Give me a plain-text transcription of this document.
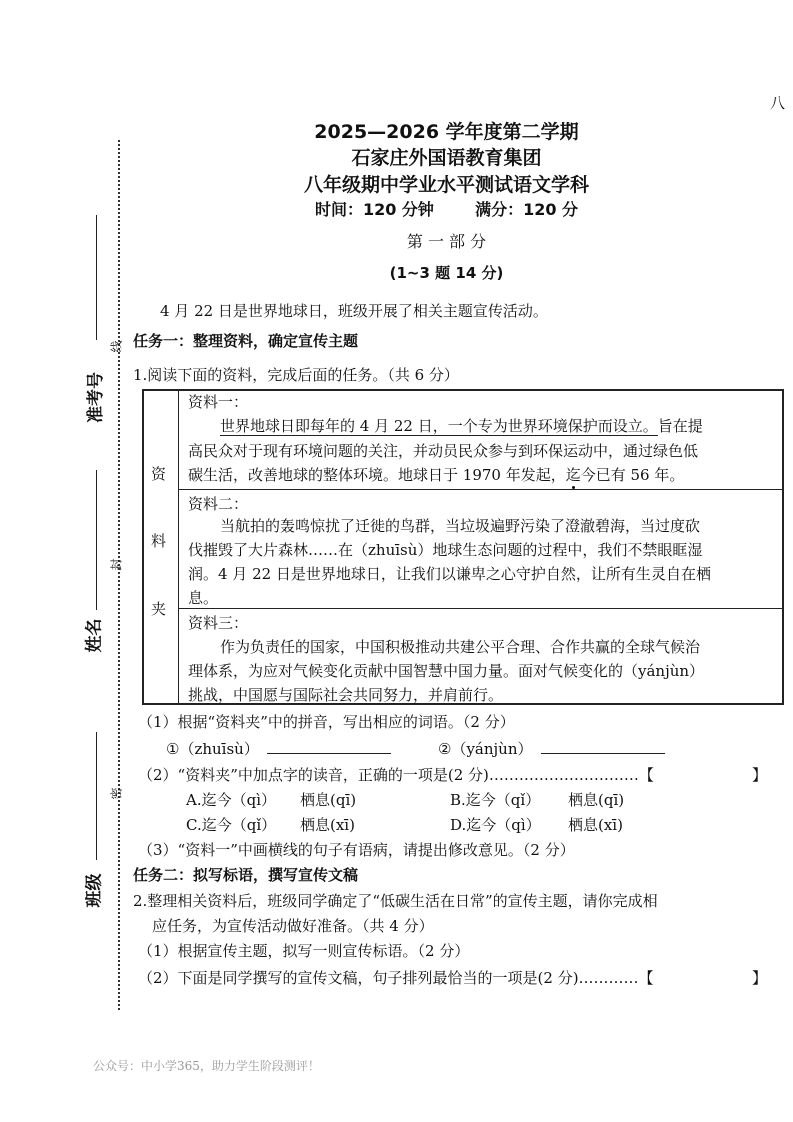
八
2025—2026 学年度第二学期
石家庄外国语教育集团
八年级期中学业水平测试语文学科
时间：120 分钟	满分：120 分
第 一 部 分
(1~3 题 14 分)
准考号
线
姓名
封
班级
密
4 月 22 日是世界地球日，班级开展了相关主题宣传活动。
任务一：整理资料，确定宣传主题
1.阅读下面的资料，完成后面的任务。（共 6 分）
资
料
夹
资料一：
世界地球日即每年的 4 月 22 日，一个专为世界环境保护而设立。旨在提
高民众对于现有环境问题的关注，并动员民众参与到环保运动中，通过绿色低
碳生活，改善地球的整体环境。地球日于 1970 年发起，迄今已有 56 年。
资料二：
当航拍的轰鸣惊扰了迁徙的鸟群，当垃圾遍野污染了澄澈碧海，当过度砍
伐摧毁了大片森林……在（zhuīsù）地球生态问题的过程中，我们不禁眼眶湿
润。4 月 22 日是世界地球日，让我们以谦卑之心守护自然，让所有生灵自在栖
息。
资料三：
作为负责任的国家，中国积极推动共建公平合理、合作共赢的全球气候治
理体系，为应对气候变化贡献中国智慧中国力量。面对气候变化的（yánjùn）
挑战，中国愿与国际社会共同努力，并肩前行。
（1）根据“资料夹”中的拼音，写出相应的词语。（2 分）
①（zhuīsù）	②（yánjùn）
（2）“资料夹”中加点字的读音，正确的一项是(2 分)…………………………【	】
A.迄今（qì） 栖息(qī)	B.迄今（qǐ） 栖息(qī)
C.迄今（qǐ） 栖息(xī)	D.迄今（qì） 栖息(xī)
（3）“资料一”中画横线的句子有语病，请提出修改意见。（2 分）
任务二：拟写标语，撰写宣传文稿
2.整理相关资料后，班级同学确定了“低碳生活在日常”的宣传主题，请你完成相
应任务，为宣传活动做好准备。（共 4 分）
（1）根据宣传主题，拟写一则宣传标语。（2 分）
（2）下面是同学撰写的宣传文稿，句子排列最恰当的一项是(2 分)…………【	】
公众号：中小学365，助力学生阶段测评！
